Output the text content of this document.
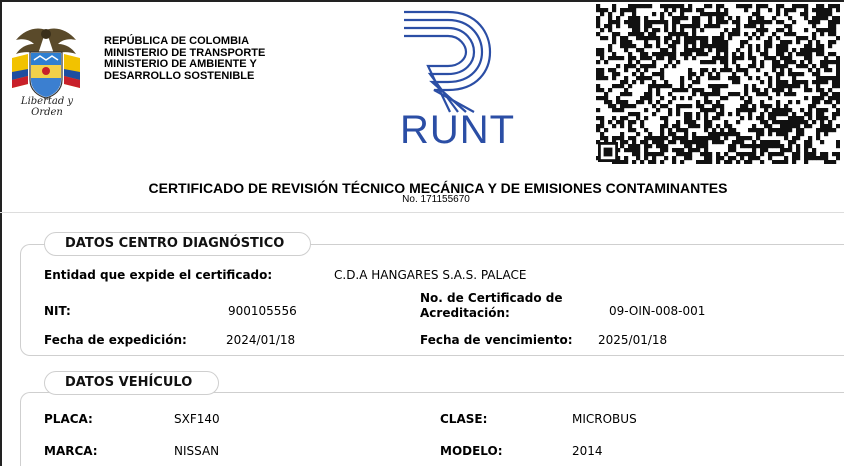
Libertad y Orden
REPÚBLICA DE COLOMBIA
MINISTERIO DE TRANSPORTE
MINISTERIO DE AMBIENTE Y
DESARROLLO SOSTENIBLE
RUNT
CERTIFICADO DE REVISIÓN TÉCNICO MECÁNICA Y DE EMISIONES CONTAMINANTES
No. 171155670
DATOS CENTRO DIAGNÓSTICO
Entidad que expide el certificado:	C.D.A HANGARES S.A.S. PALACE
NIT:	900105556
No. de Certificado de
Acreditación:	09-OIN-008-001
Fecha de expedición:	2024/01/18	Fecha de vencimiento: 2025/01/18
DATOS VEHÍCULO
PLACA:	SXF140	CLASE:	MICROBUS
MARCA:	NISSAN	MODELO:	2014
